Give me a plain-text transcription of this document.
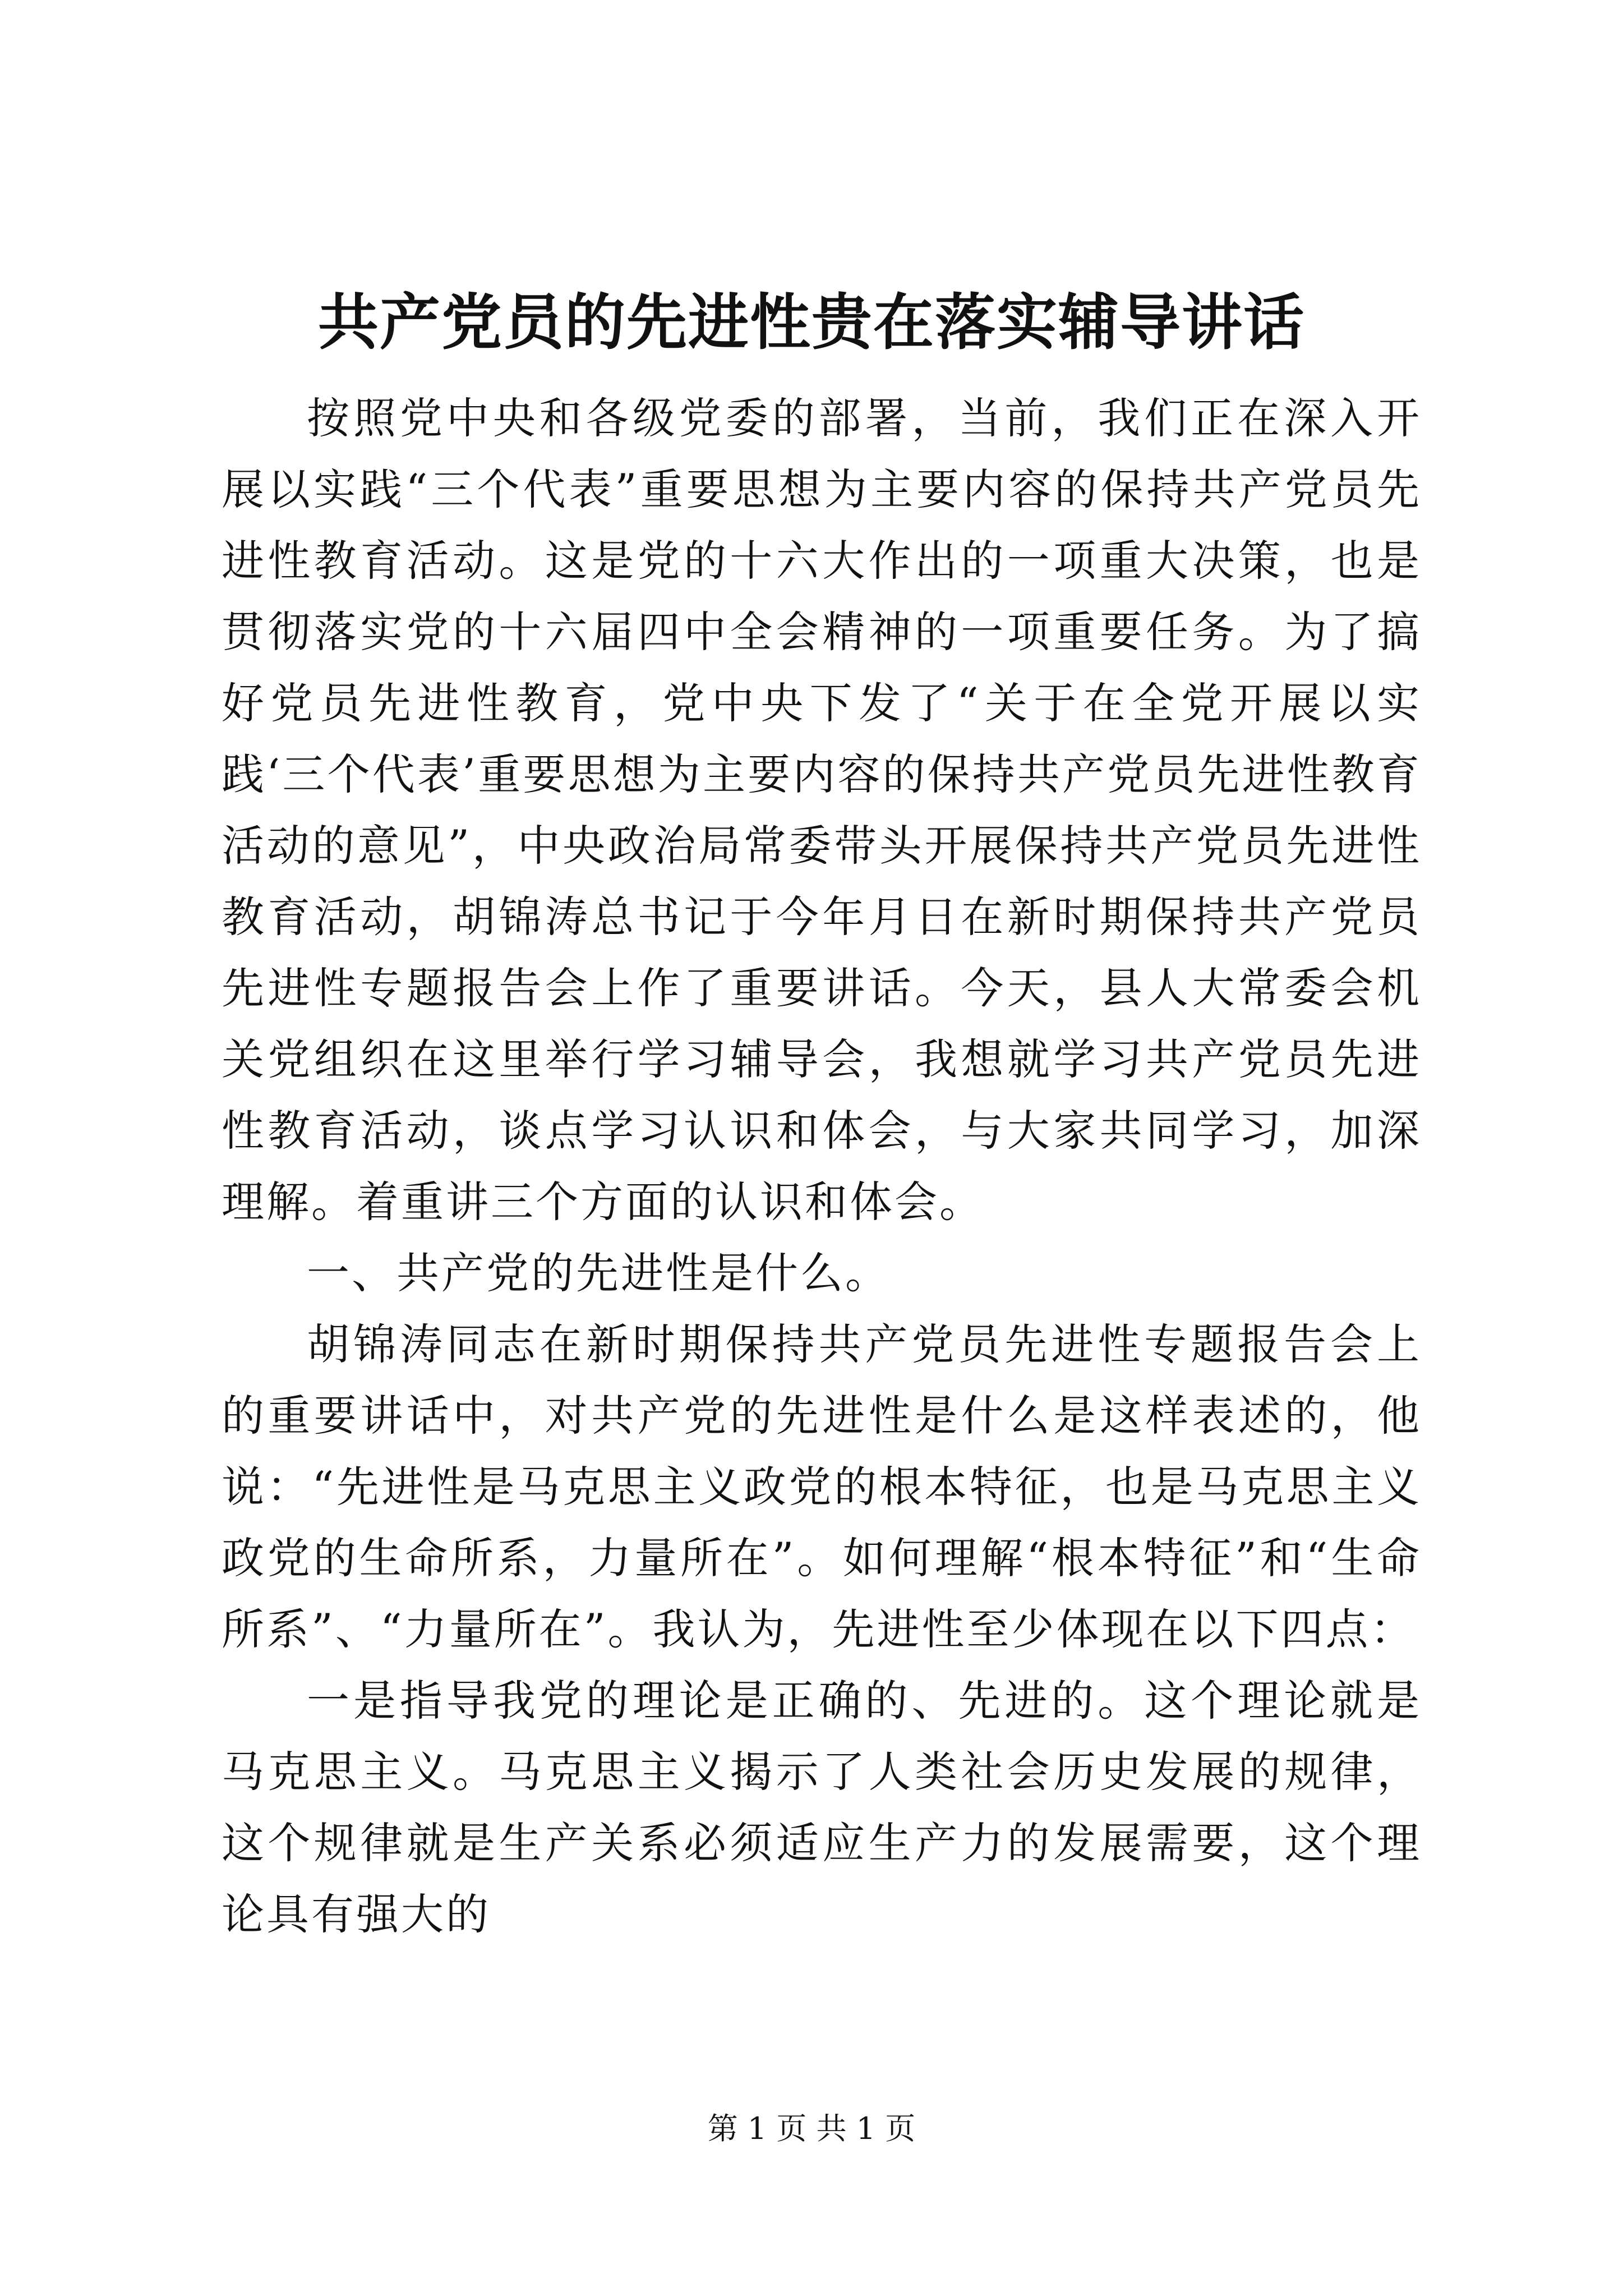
共产党员的先进性贵在落实辅导讲话

按照党中央和各级党委的部署，当前，我们正在深入开展以实践“三个代表”重要思想为主要内容的保持共产党员先进性教育活动。这是党的十六大作出的一项重大决策，也是贯彻落实党的十六届四中全会精神的一项重要任务。为了搞好党员先进性教育，党中央下发了“关于在全党开展以实践‘三个代表’重要思想为主要内容的保持共产党员先进性教育活动的意见”，中央政治局常委带头开展保持共产党员先进性教育活动，胡锦涛总书记于今年月日在新时期保持共产党员先进性专题报告会上作了重要讲话。今天，县人大常委会机关党组织在这里举行学习辅导会，我想就学习共产党员先进性教育活动，谈点学习认识和体会，与大家共同学习，加深理解。着重讲三个方面的认识和体会。

一、共产党的先进性是什么。

胡锦涛同志在新时期保持共产党员先进性专题报告会上的重要讲话中，对共产党的先进性是什么是这样表述的，他说：“先进性是马克思主义政党的根本特征，也是马克思主义政党的生命所系，力量所在”。如何理解“根本特征”和“生命所系”、“力量所在”。我认为，先进性至少体现在以下四点：

一是指导我党的理论是正确的、先进的。这个理论就是马克思主义。马克思主义揭示了人类社会历史发展的规律，这个规律就是生产关系必须适应生产力的发展需要，这个理论具有强大的

第 1 页 共 1 页
